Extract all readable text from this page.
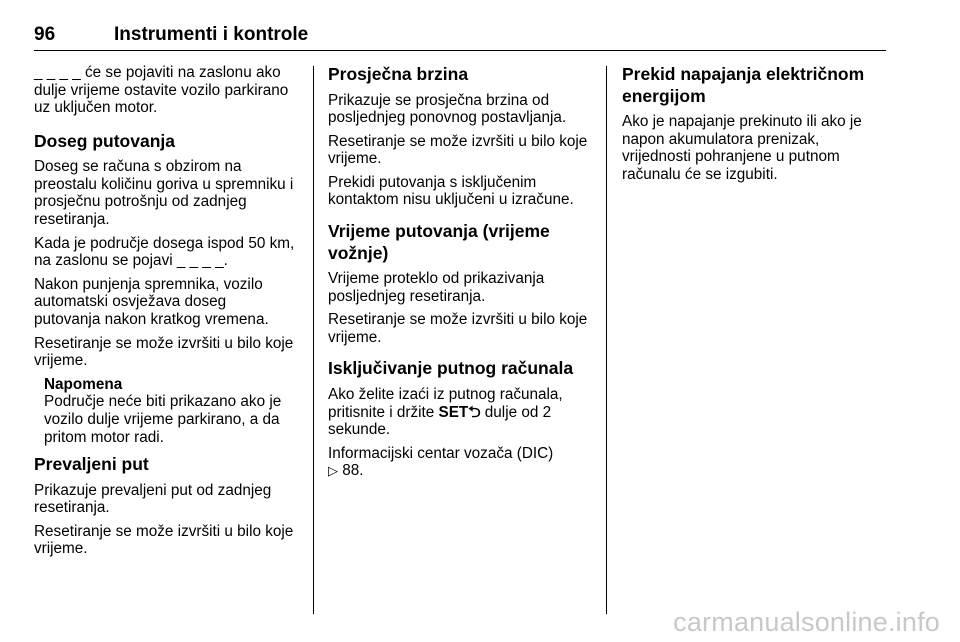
96	Instrumenti i kontrole

_ _ _ _ će se pojaviti na zaslonu ako dulje vrijeme ostavite vozilo parkirano uz uključen motor.

Doseg putovanja

Doseg se računa s obzirom na preostalu količinu goriva u spremniku i prosječnu potrošnju od zadnjeg resetiranja.

Kada je područje dosega ispod 50 km, na zaslonu se pojavi _ _ _ _.

Nakon punjenja spremnika, vozilo automatski osvježava doseg putovanja nakon kratkog vremena.

Resetiranje se može izvršiti u bilo koje vrijeme.

Napomena
Područje neće biti prikazano ako je vozilo dulje vrijeme parkirano, a da pritom motor radi.
Prevaljeni put

Prikazuje prevaljeni put od zadnjeg resetiranja.

Resetiranje se može izvršiti u bilo koje vrijeme.

Prosječna brzina

Prikazuje se prosječna brzina od posljednjeg ponovnog postavljanja.

Resetiranje se može izvršiti u bilo koje vrijeme.

Prekidi putovanja s isključenim kontaktom nisu uključeni u izračune.

Vrijeme putovanja (vrijeme vožnje)

Vrijeme proteklo od prikazivanja posljednjeg resetiranja.

Resetiranje se može izvršiti u bilo koje vrijeme.

Isključivanje putnog računala

Ako želite izaći iz putnog računala, pritisnite i držite SET⮌ dulje od 2 sekunde.

Informacijski centar vozača (DIC)
▷ 88.

Prekid napajanja električnom energijom

Ako je napajanje prekinuto ili ako je napon akumulatora prenizak, vrijednosti pohranjene u putnom računalu će se izgubiti.

carmanualsonline.info
